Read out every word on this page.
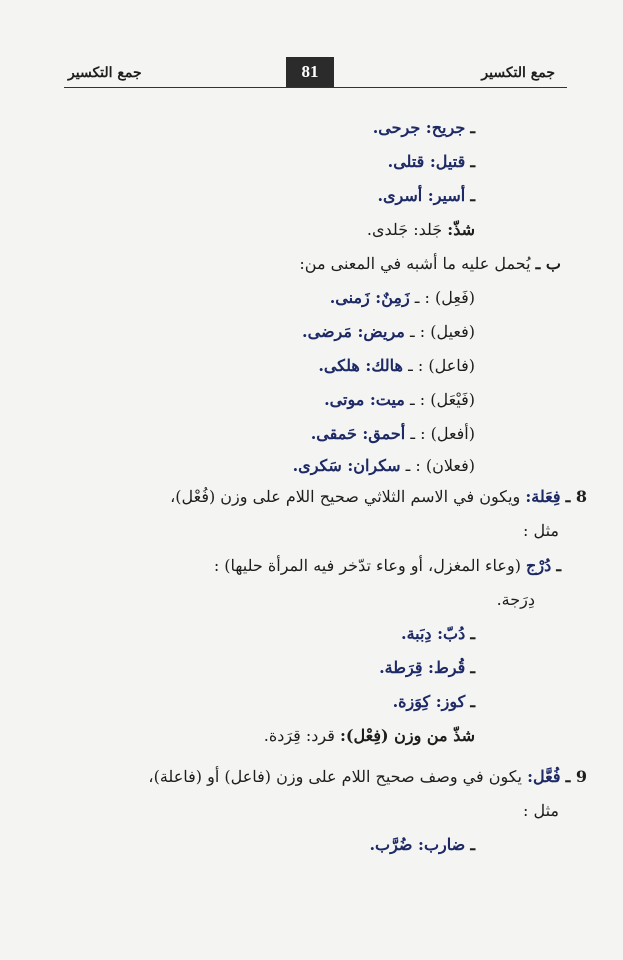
جمع التكسير	81	جمع التكسير
ـ جريح: جرحى.
ـ قتيل: قتلى.
ـ أسير: أسرى.
شذّ: جَلد: جَلدى.
ب ـ يُحمل عليه ما أشبه في المعنى من:
(فَعِل) : ـ زَمِنٌ: زَمنى.
(فعيل) : ـ مريض: مَرضى.
(فاعل) : ـ هالك: هلكى.
(فَيْعَل) : ـ ميت: موتى.
(أفعل) : ـ أحمق: حَمقى.
(فعلان) : ـ سكران: سَكرى.
8 ـ فِعَلة: ويكون في الاسم الثلاثي صحيح اللام على وزن (فُعْل)،
مثل :
ـ دُرْج (وعاء المغزل، أو وعاء تدّخر فيه المرأة حليها) :
دِرَجة.
ـ دُبّ: دِبَبة.
ـ قُرط: قِرَطة.
ـ كوز: كِوَزة.
شذّ من وزن (فِعْل): قرد: قِرَدة.
9 ـ فُعَّل: يكون في وصف صحيح اللام على وزن (فاعل) أو (فاعلة)،
مثل :
ـ ضارب: ضُرَّب.
